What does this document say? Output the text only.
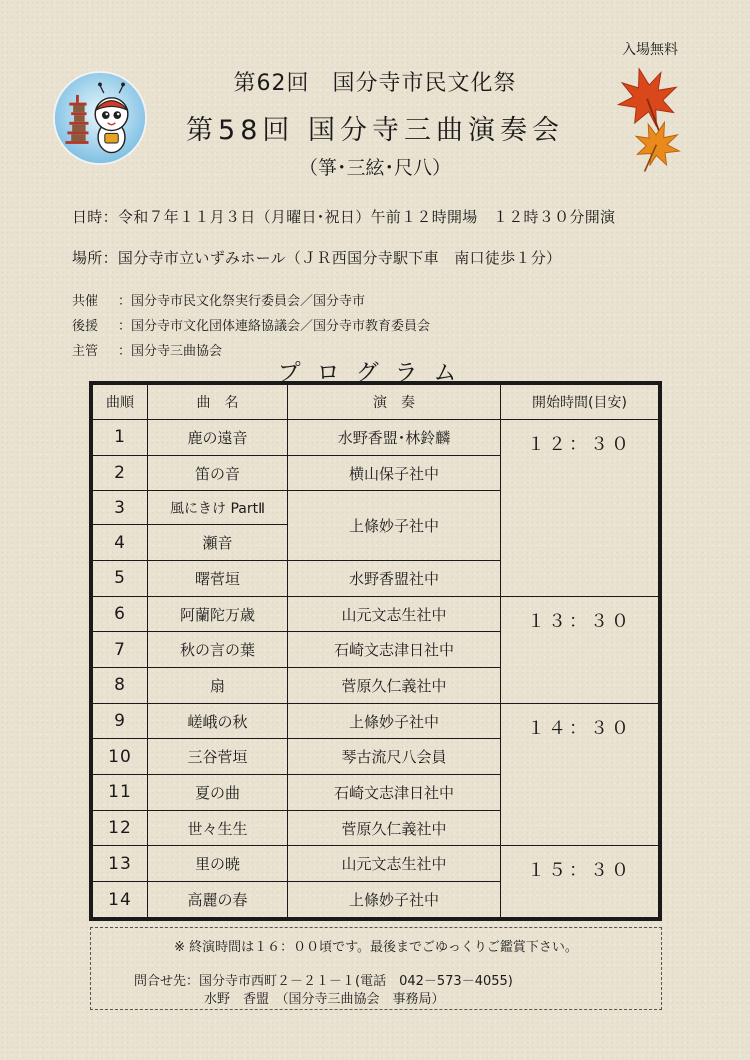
入場無料
第62回　国分寺市民文化祭
第58回 国分寺三曲演奏会
（箏･三絃･尺八）
日時：令和７年１１月３日（月曜日･祝日）午前１２時開場　１２時３０分開演
場所：国分寺市立いずみホール（ＪＲ西国分寺駅下車　南口徒歩１分）
共催 ：国分寺市民文化祭実行委員会／国分寺市
後援 ：国分寺市文化団体連絡協議会／国分寺市教育委員会
主管 ：国分寺三曲協会
プログラム
曲順	曲　名	演　奏	開始時間(目安)
1	鹿の遠音	水野香盟･林鈴麟	１２：３０
2	笛の音	横山保子社中	
3	風にきけ PartⅡ	上條妙子社中	
4	瀬音		
5	曙菅垣	水野香盟社中	
6	阿蘭陀万歳	山元文志生社中	１３：３０
7	秋の言の葉	石崎文志津日社中	
8	扇	菅原久仁義社中	
9	嵯峨の秋	上條妙子社中	１４：３０
10	三谷菅垣	琴古流尺八会員	
11	夏の曲	石崎文志津日社中	
12	世々生生	菅原久仁義社中	
13	里の暁	山元文志生社中	１５：３０
14	高麗の春	上條妙子社中	
※ 終演時間は１６：００頃です。最後までごゆっくりご鑑賞下さい。
問合せ先：国分寺市西町２－２１－１(電話　042－573－4055)
水野　香盟　（国分寺三曲協会　事務局）
